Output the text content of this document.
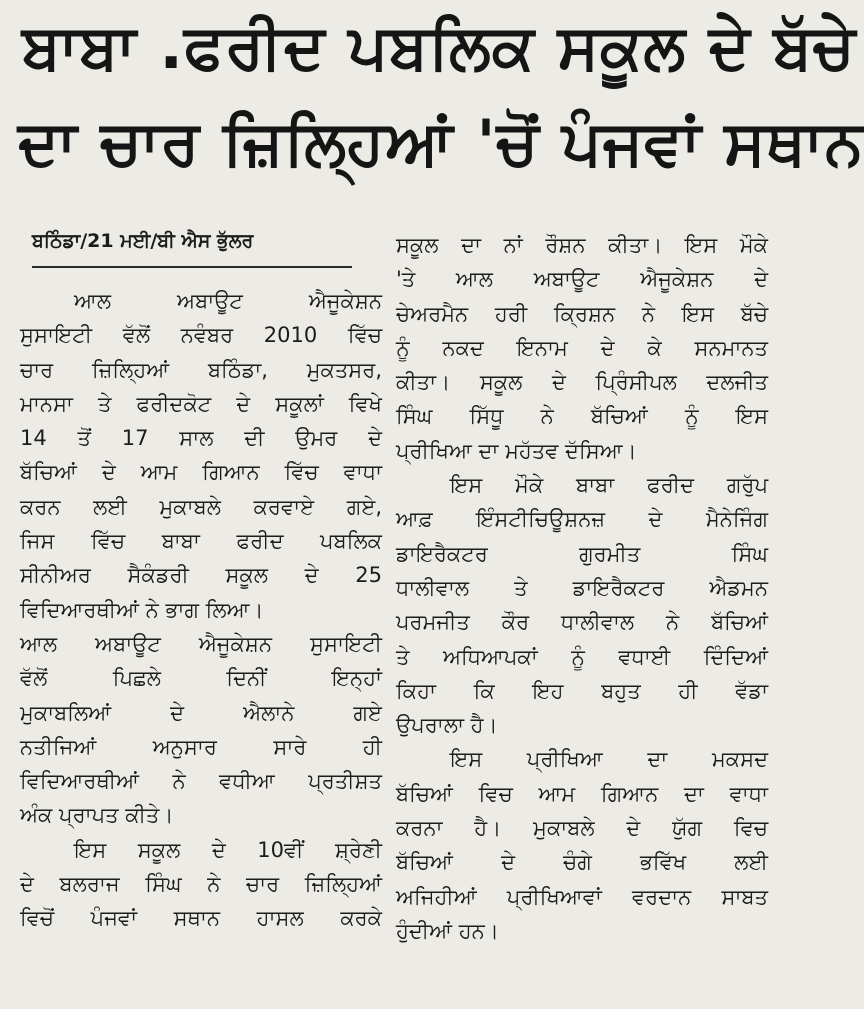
ਬਾਬਾ .ਫਰੀਦ ਪਬਲਿਕ ਸਕੂਲ ਦੇ ਬੱਚੇ
ਦਾ ਚਾਰ ਜ਼ਿਲ੍ਹਿਆਂ 'ਚੋਂ ਪੰਜਵਾਂ ਸਥਾਨ
ਬਠਿੰਡਾ/21 ਮਈ/ਬੀ ਐਸ ਭੁੱਲਰ
ਆਲ ਅਬਾਊਟ ਐਜੂਕੇਸ਼ਨ
ਸੁਸਾਇਟੀ ਵੱਲੋਂ ਨਵੰਬਰ 2010 ਵਿੱਚ
ਚਾਰ ਜ਼ਿਲ੍ਹਿਆਂ ਬਠਿੰਡਾ, ਮੁਕਤਸਰ,
ਮਾਨਸਾ ਤੇ ਫਰੀਦਕੋਟ ਦੇ ਸਕੂਲਾਂ ਵਿਖੇ
14 ਤੋਂ 17 ਸਾਲ ਦੀ ਉਮਰ ਦੇ
ਬੱਚਿਆਂ ਦੇ ਆਮ ਗਿਆਨ ਵਿੱਚ ਵਾਧਾ
ਕਰਨ ਲਈ ਮੁਕਾਬਲੇ ਕਰਵਾਏ ਗਏ,
ਜਿਸ ਵਿੱਚ ਬਾਬਾ ਫਰੀਦ ਪਬਲਿਕ
ਸੀਨੀਅਰ ਸੈਕੰਡਰੀ ਸਕੂਲ ਦੇ 25
ਵਿਦਿਆਰਥੀਆਂ ਨੇ ਭਾਗ ਲਿਆ।
ਆਲ ਅਬਾਊਟ ਐਜੂਕੇਸ਼ਨ ਸੁਸਾਇਟੀ
ਵੱਲੋਂ ਪਿਛਲੇ ਦਿਨੀਂ ਇਨ੍ਹਾਂ
ਮੁਕਾਬਲਿਆਂ ਦੇ ਐਲਾਨੇ ਗਏ
ਨਤੀਜਿਆਂ ਅਨੁਸਾਰ ਸਾਰੇ ਹੀ
ਵਿਦਿਆਰਥੀਆਂ ਨੇ ਵਧੀਆ ਪ੍ਰਤੀਸ਼ਤ
ਅੰਕ ਪ੍ਰਾਪਤ ਕੀਤੇ।
ਇਸ ਸਕੂਲ ਦੇ 10ਵੀਂ ਸ਼੍ਰੇਣੀ
ਦੇ ਬਲਰਾਜ ਸਿੰਘ ਨੇ ਚਾਰ ਜ਼ਿਲ੍ਹਿਆਂ
ਵਿਚੋਂ ਪੰਜਵਾਂ ਸਥਾਨ ਹਾਸਲ ਕਰਕੇ
ਸਕੂਲ ਦਾ ਨਾਂ ਰੌਸ਼ਨ ਕੀਤਾ। ਇਸ ਮੌਕੇ
'ਤੇ ਆਲ ਅਬਾਊਟ ਐਜੂਕੇਸ਼ਨ ਦੇ
ਚੇਅਰਮੈਨ ਹਰੀ ਕ੍ਰਿਸ਼ਨ ਨੇ ਇਸ ਬੱਚੇ
ਨੂੰ ਨਕਦ ਇਨਾਮ ਦੇ ਕੇ ਸਨਮਾਨਤ
ਕੀਤਾ। ਸਕੂਲ ਦੇ ਪ੍ਰਿੰਸੀਪਲ ਦਲਜੀਤ
ਸਿੰਘ ਸਿੱਧੂ ਨੇ ਬੱਚਿਆਂ ਨੂੰ ਇਸ
ਪ੍ਰੀਖਿਆ ਦਾ ਮਹੱਤਵ ਦੱਸਿਆ।
ਇਸ ਮੌਕੇ ਬਾਬਾ ਫਰੀਦ ਗਰੁੱਪ
ਆਫ਼ ਇੰਸਟੀਚਿਊਸ਼ਨਜ਼ ਦੇ ਮੈਨੇਜਿੰਗ
ਡਾਇਰੈਕਟਰ ਗੁਰਮੀਤ ਸਿੰਘ
ਧਾਲੀਵਾਲ ਤੇ ਡਾਇਰੈਕਟਰ ਐਡਮਨ
ਪਰਮਜੀਤ ਕੌਰ ਧਾਲੀਵਾਲ ਨੇ ਬੱਚਿਆਂ
ਤੇ ਅਧਿਆਪਕਾਂ ਨੂੰ ਵਧਾਈ ਦਿੰਦਿਆਂ
ਕਿਹਾ ਕਿ ਇਹ ਬਹੁਤ ਹੀ ਵੱਡਾ
ਉਪਰਾਲਾ ਹੈ।
ਇਸ ਪ੍ਰੀਖਿਆ ਦਾ ਮਕਸਦ
ਬੱਚਿਆਂ ਵਿਚ ਆਮ ਗਿਆਨ ਦਾ ਵਾਧਾ
ਕਰਨਾ ਹੈ। ਮੁਕਾਬਲੇ ਦੇ ਯੁੱਗ ਵਿਚ
ਬੱਚਿਆਂ ਦੇ ਚੰਗੇ ਭਵਿੱਖ ਲਈ
ਅਜਿਹੀਆਂ ਪ੍ਰੀਖਿਆਵਾਂ ਵਰਦਾਨ ਸਾਬਤ
ਹੁੰਦੀਆਂ ਹਨ।
